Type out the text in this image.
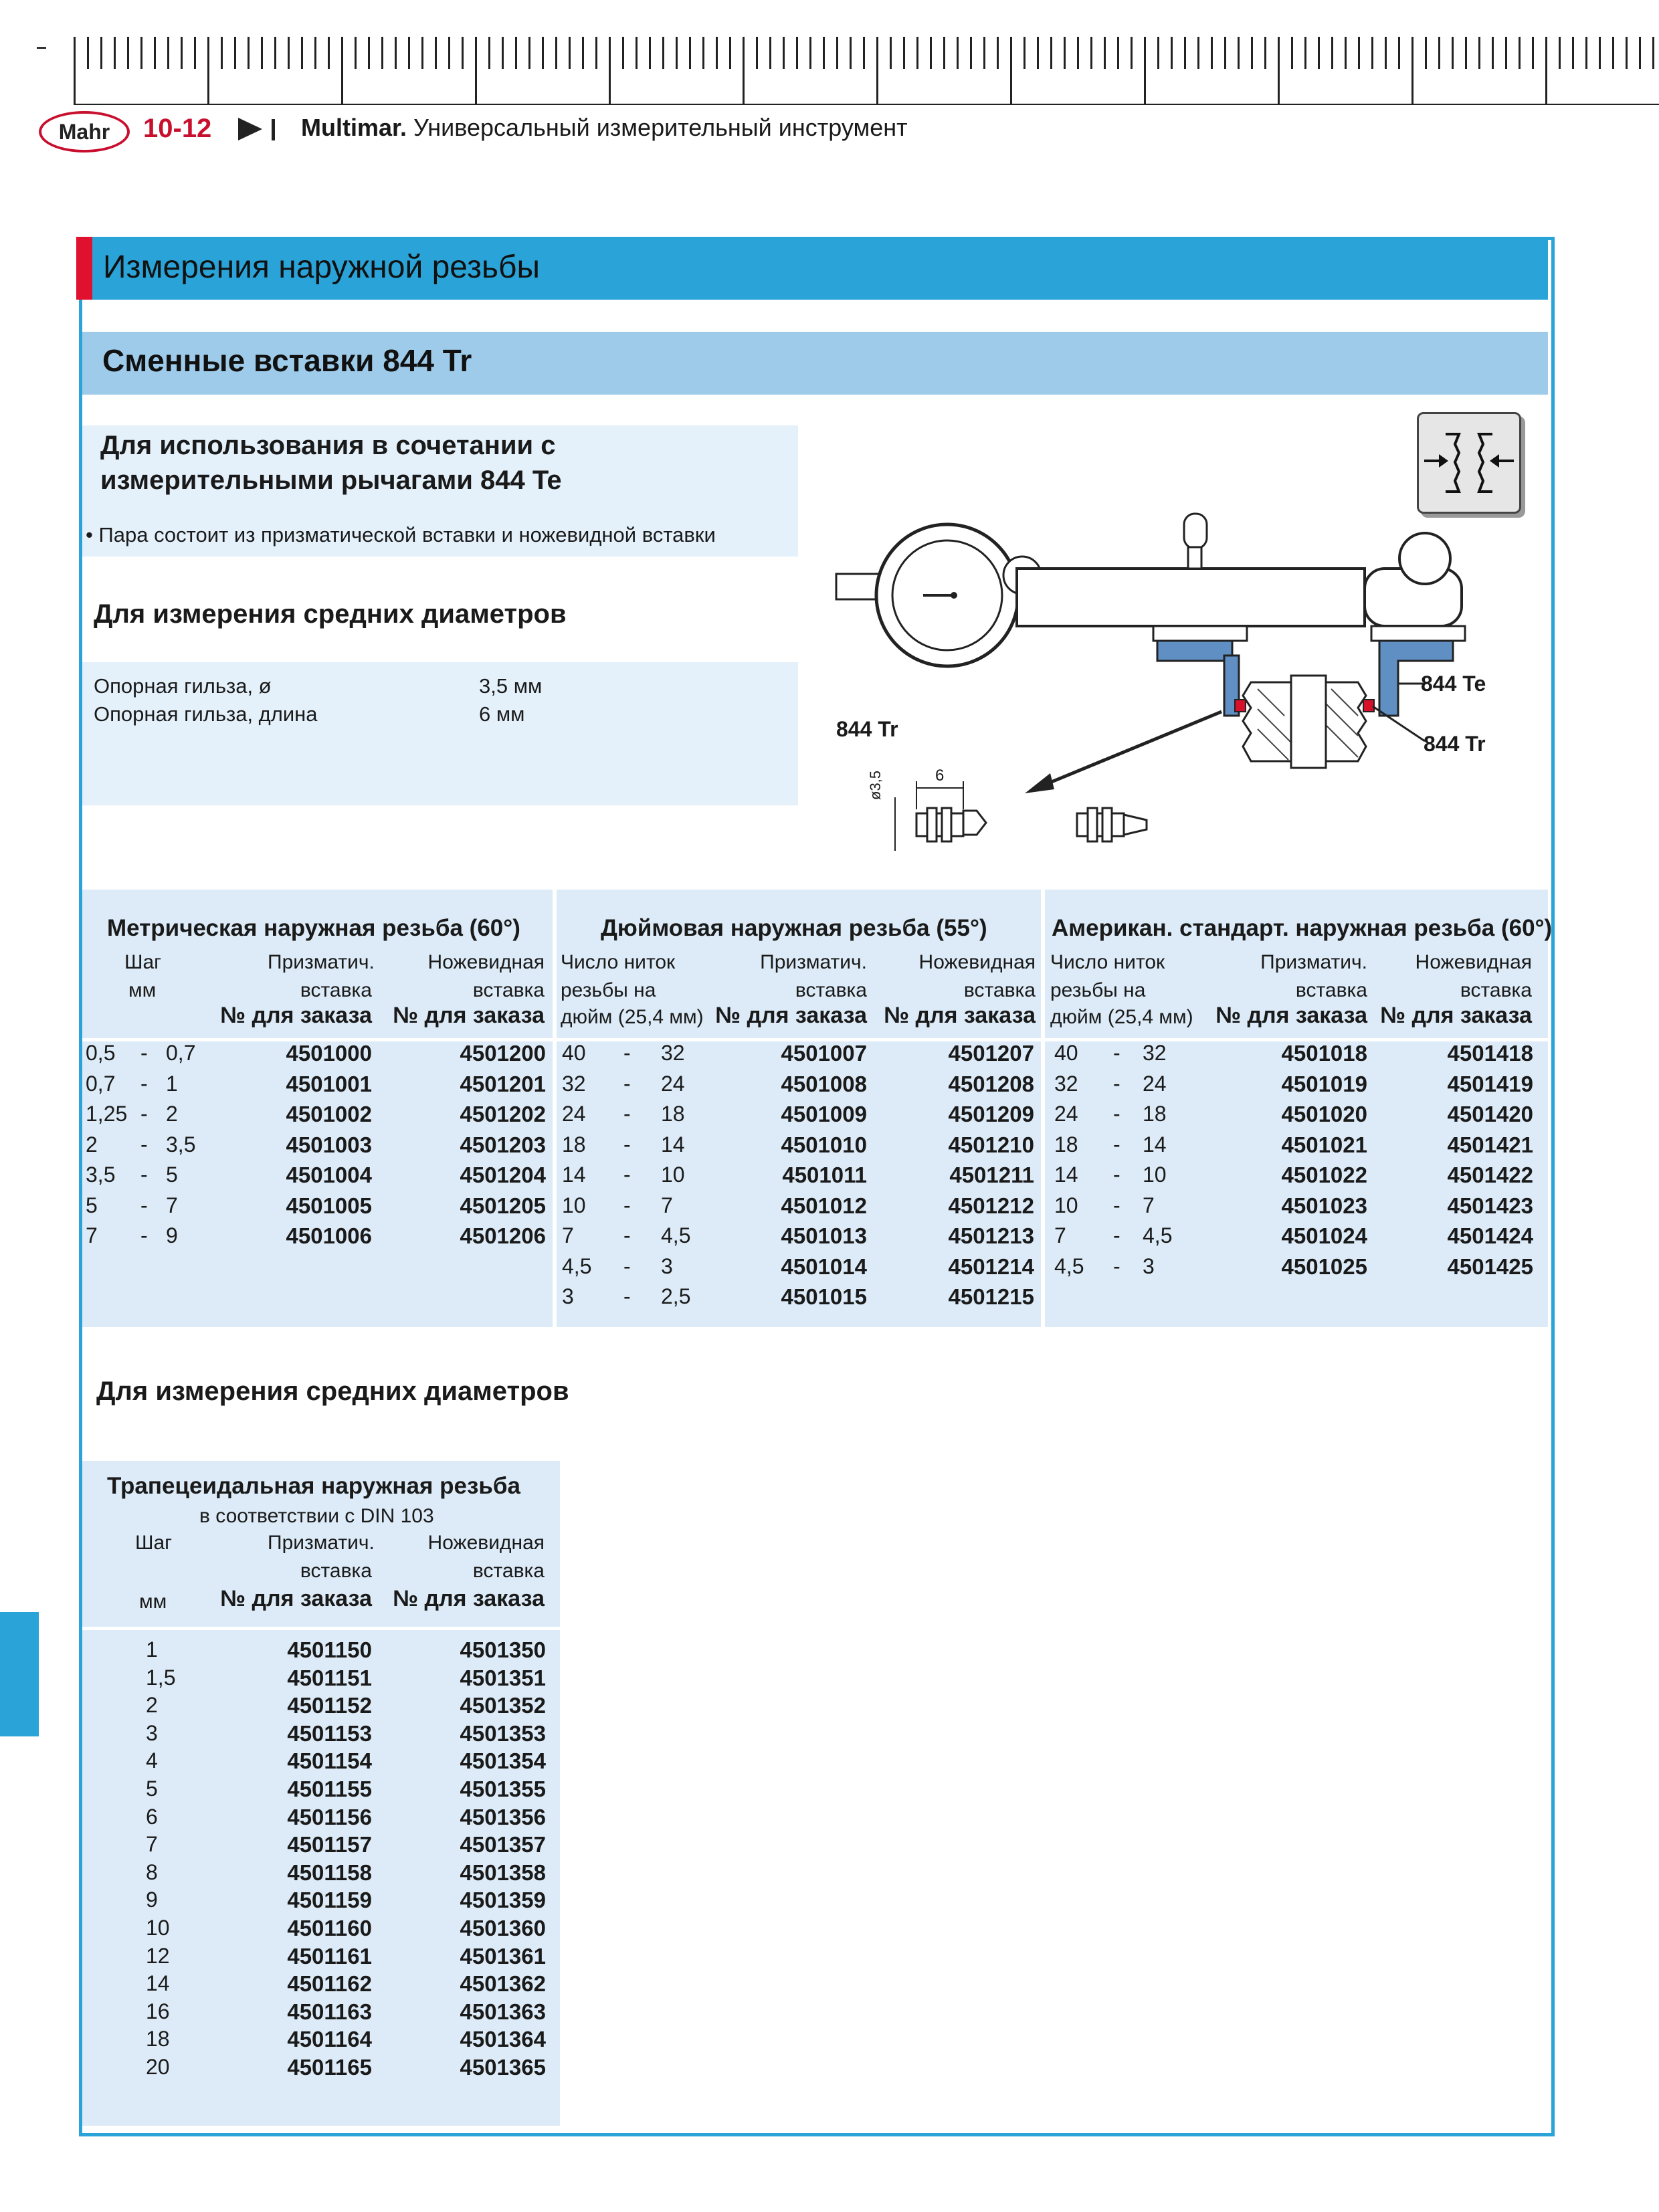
Mahr	10-12	Multimar. Универсальный измерительный инструмент
Измерения наружной резьбы
Сменные вставки 844 Tr
Для использования в сочетании с
измерительными рычагами 844 Te
• Пара состоит из призматической вставки и ножевидной вставки
Для измерения средних диаметров
Опорная гильза, ø	3,5 мм
Опорная гильза, длина	6 мм
844 Te
844 Tr
844 Tr
ø3,5	6
Метрическая наружная резьба (60°)
Шаг
мм
Призматич.
вставка
№ для заказа
Ножевидная
вставка
№ для заказа
0,5 - 0,7	4501000	4501200
0,7 - 1	4501001	4501201
1,25 - 2	4501002	4501202
2 - 3,5	4501003	4501203
3,5 - 5	4501004	4501204
5 - 7	4501005	4501205
7 - 9	4501006	4501206
Дюймовая наружная резьба (55°)
Число ниток
резьбы на
дюйм (25,4 мм)
Призматич.
вставка
№ для заказа
Ножевидная
вставка
№ для заказа
40 - 32	4501007	4501207
32 - 24	4501008	4501208
24 - 18	4501009	4501209
18 - 14	4501010	4501210
14 - 10	4501011	4501211
10 - 7	4501012	4501212
7 - 4,5	4501013	4501213
4,5 - 3	4501014	4501214
3 - 2,5	4501015	4501215
Американ. стандарт. наружная резьба (60°)
Число ниток
резьбы на
дюйм (25,4 мм)
Призматич.
вставка
№ для заказа
Ножевидная
вставка
№ для заказа
40 - 32	4501018	4501418
32 - 24	4501019	4501419
24 - 18	4501020	4501420
18 - 14	4501021	4501421
14 - 10	4501022	4501422
10 - 7	4501023	4501423
7 - 4,5	4501024	4501424
4,5 - 3	4501025	4501425
Для измерения средних диаметров
Трапецеидальная наружная резьба
в соответствии с DIN 103
Шаг
мм
Призматич.
вставка
№ для заказа
Ножевидная
вставка
№ для заказа
1	4501150	4501350
1,5	4501151	4501351
2	4501152	4501352
3	4501153	4501353
4	4501154	4501354
5	4501155	4501355
6	4501156	4501356
7	4501157	4501357
8	4501158	4501358
9	4501159	4501359
10	4501160	4501360
12	4501161	4501361
14	4501162	4501362
16	4501163	4501363
18	4501164	4501364
20	4501165	4501365
